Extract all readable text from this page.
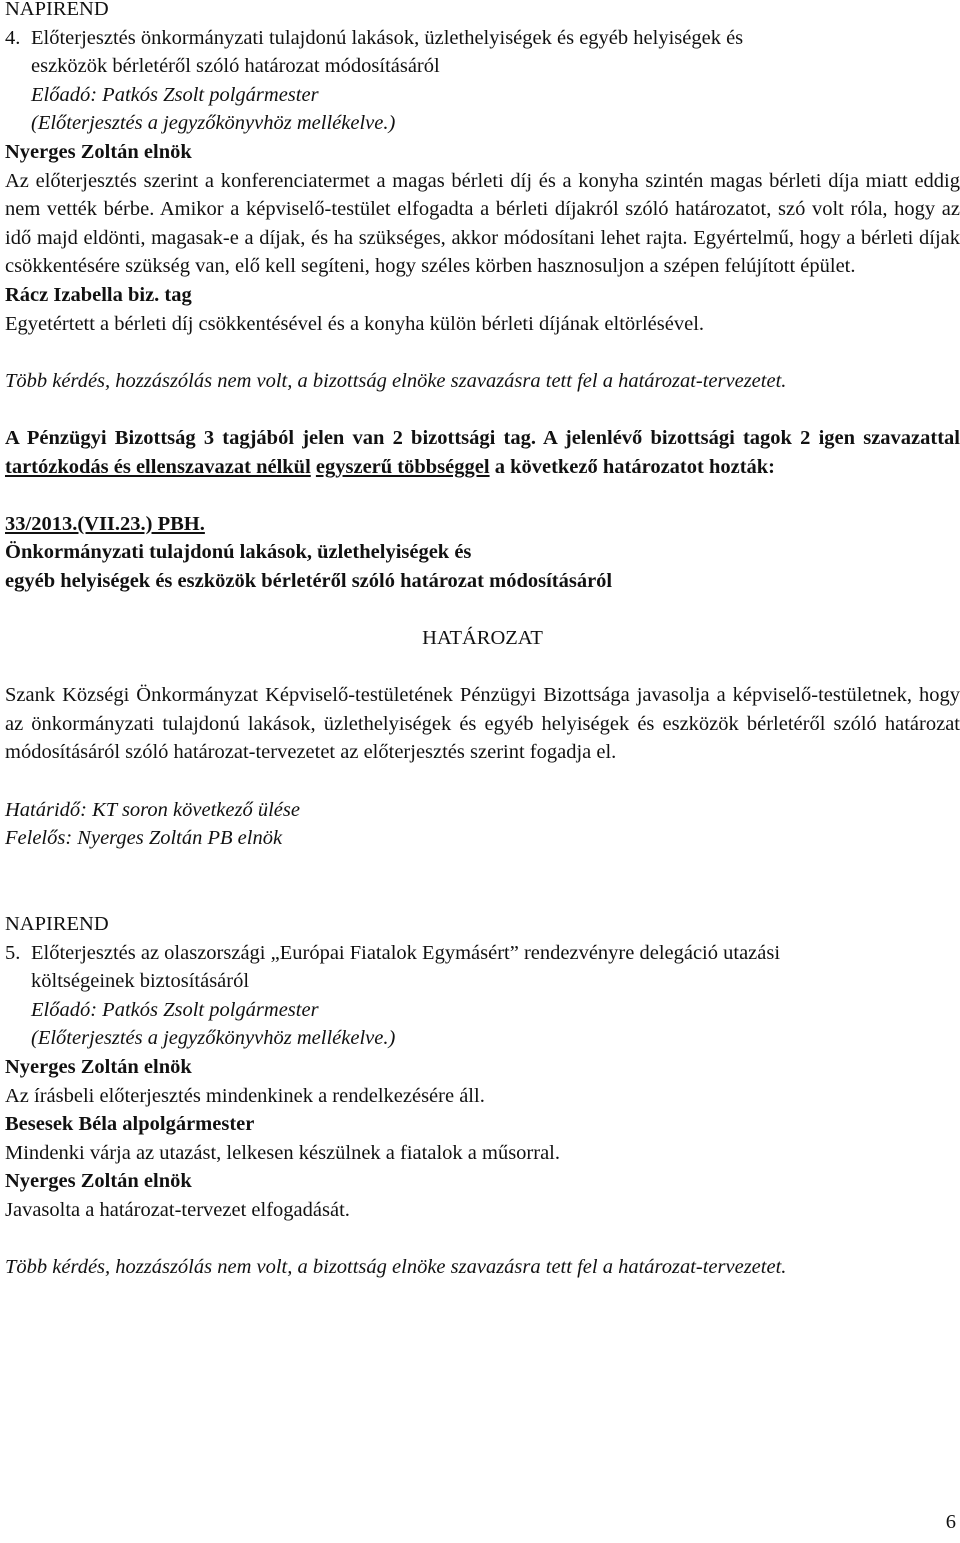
NAPIREND

4. Előterjesztés önkormányzati tulajdonú lakások, üzlethelyiségek és egyéb helyiségek és
eszközök bérletéről szóló határozat módosításáról

Előadó: Patkós Zsolt polgármester

(Előterjesztés a jegyzőkönyvhöz mellékelve.)

Nyerges Zoltán elnök

Az előterjesztés szerint a konferenciatermet a magas bérleti díj és a konyha szintén magas bérleti díja miatt eddig nem vették bérbe. Amikor a képviselő-testület elfogadta a bérleti díjakról szóló határozatot, szó volt róla, hogy az idő majd eldönti, magasak-e a díjak, és ha szükséges, akkor módosítani lehet rajta. Egyértelmű, hogy a bérleti díjak csökkentésére szükség van, elő kell segíteni, hogy széles körben hasznosuljon a szépen felújított épület.

Rácz Izabella biz. tag

Egyetértett a bérleti díj csökkentésével és a konyha külön bérleti díjának eltörlésével.

Több kérdés, hozzászólás nem volt, a bizottság elnöke szavazásra tett fel a határozat-tervezetet.

A Pénzügyi Bizottság 3 tagjából jelen van 2 bizottsági tag. A jelenlévő bizottsági tagok 2 igen szavazattal tartózkodás és ellenszavazat nélkül egyszerű többséggel a következő határozatot hozták:

33/2013.(VII.23.) PBH.

Önkormányzati tulajdonú lakások, üzlethelyiségek és
egyéb helyiségek és eszközök bérletéről szóló határozat módosításáról

HATÁROZAT

Szank Községi Önkormányzat Képviselő-testületének Pénzügyi Bizottsága javasolja a képviselő-testületnek, hogy az önkormányzati tulajdonú lakások, üzlethelyiségek és egyéb helyiségek és eszközök bérletéről szóló határozat módosításáról szóló határozat-tervezetet az előterjesztés szerint fogadja el.

Határidő: KT soron következő ülése

Felelős: Nyerges Zoltán PB elnök

NAPIREND

5. Előterjesztés az olaszországi „Európai Fiatalok Egymásért” rendezvényre delegáció utazási
költségeinek biztosításáról

Előadó: Patkós Zsolt polgármester

(Előterjesztés a jegyzőkönyvhöz mellékelve.)

Nyerges Zoltán elnök

Az írásbeli előterjesztés mindenkinek a rendelkezésére áll.

Besesek Béla alpolgármester

Mindenki várja az utazást, lelkesen készülnek a fiatalok a műsorral.

Nyerges Zoltán elnök

Javasolta a határozat-tervezet elfogadását.

Több kérdés, hozzászólás nem volt, a bizottság elnöke szavazásra tett fel a határozat-tervezetet.

6
